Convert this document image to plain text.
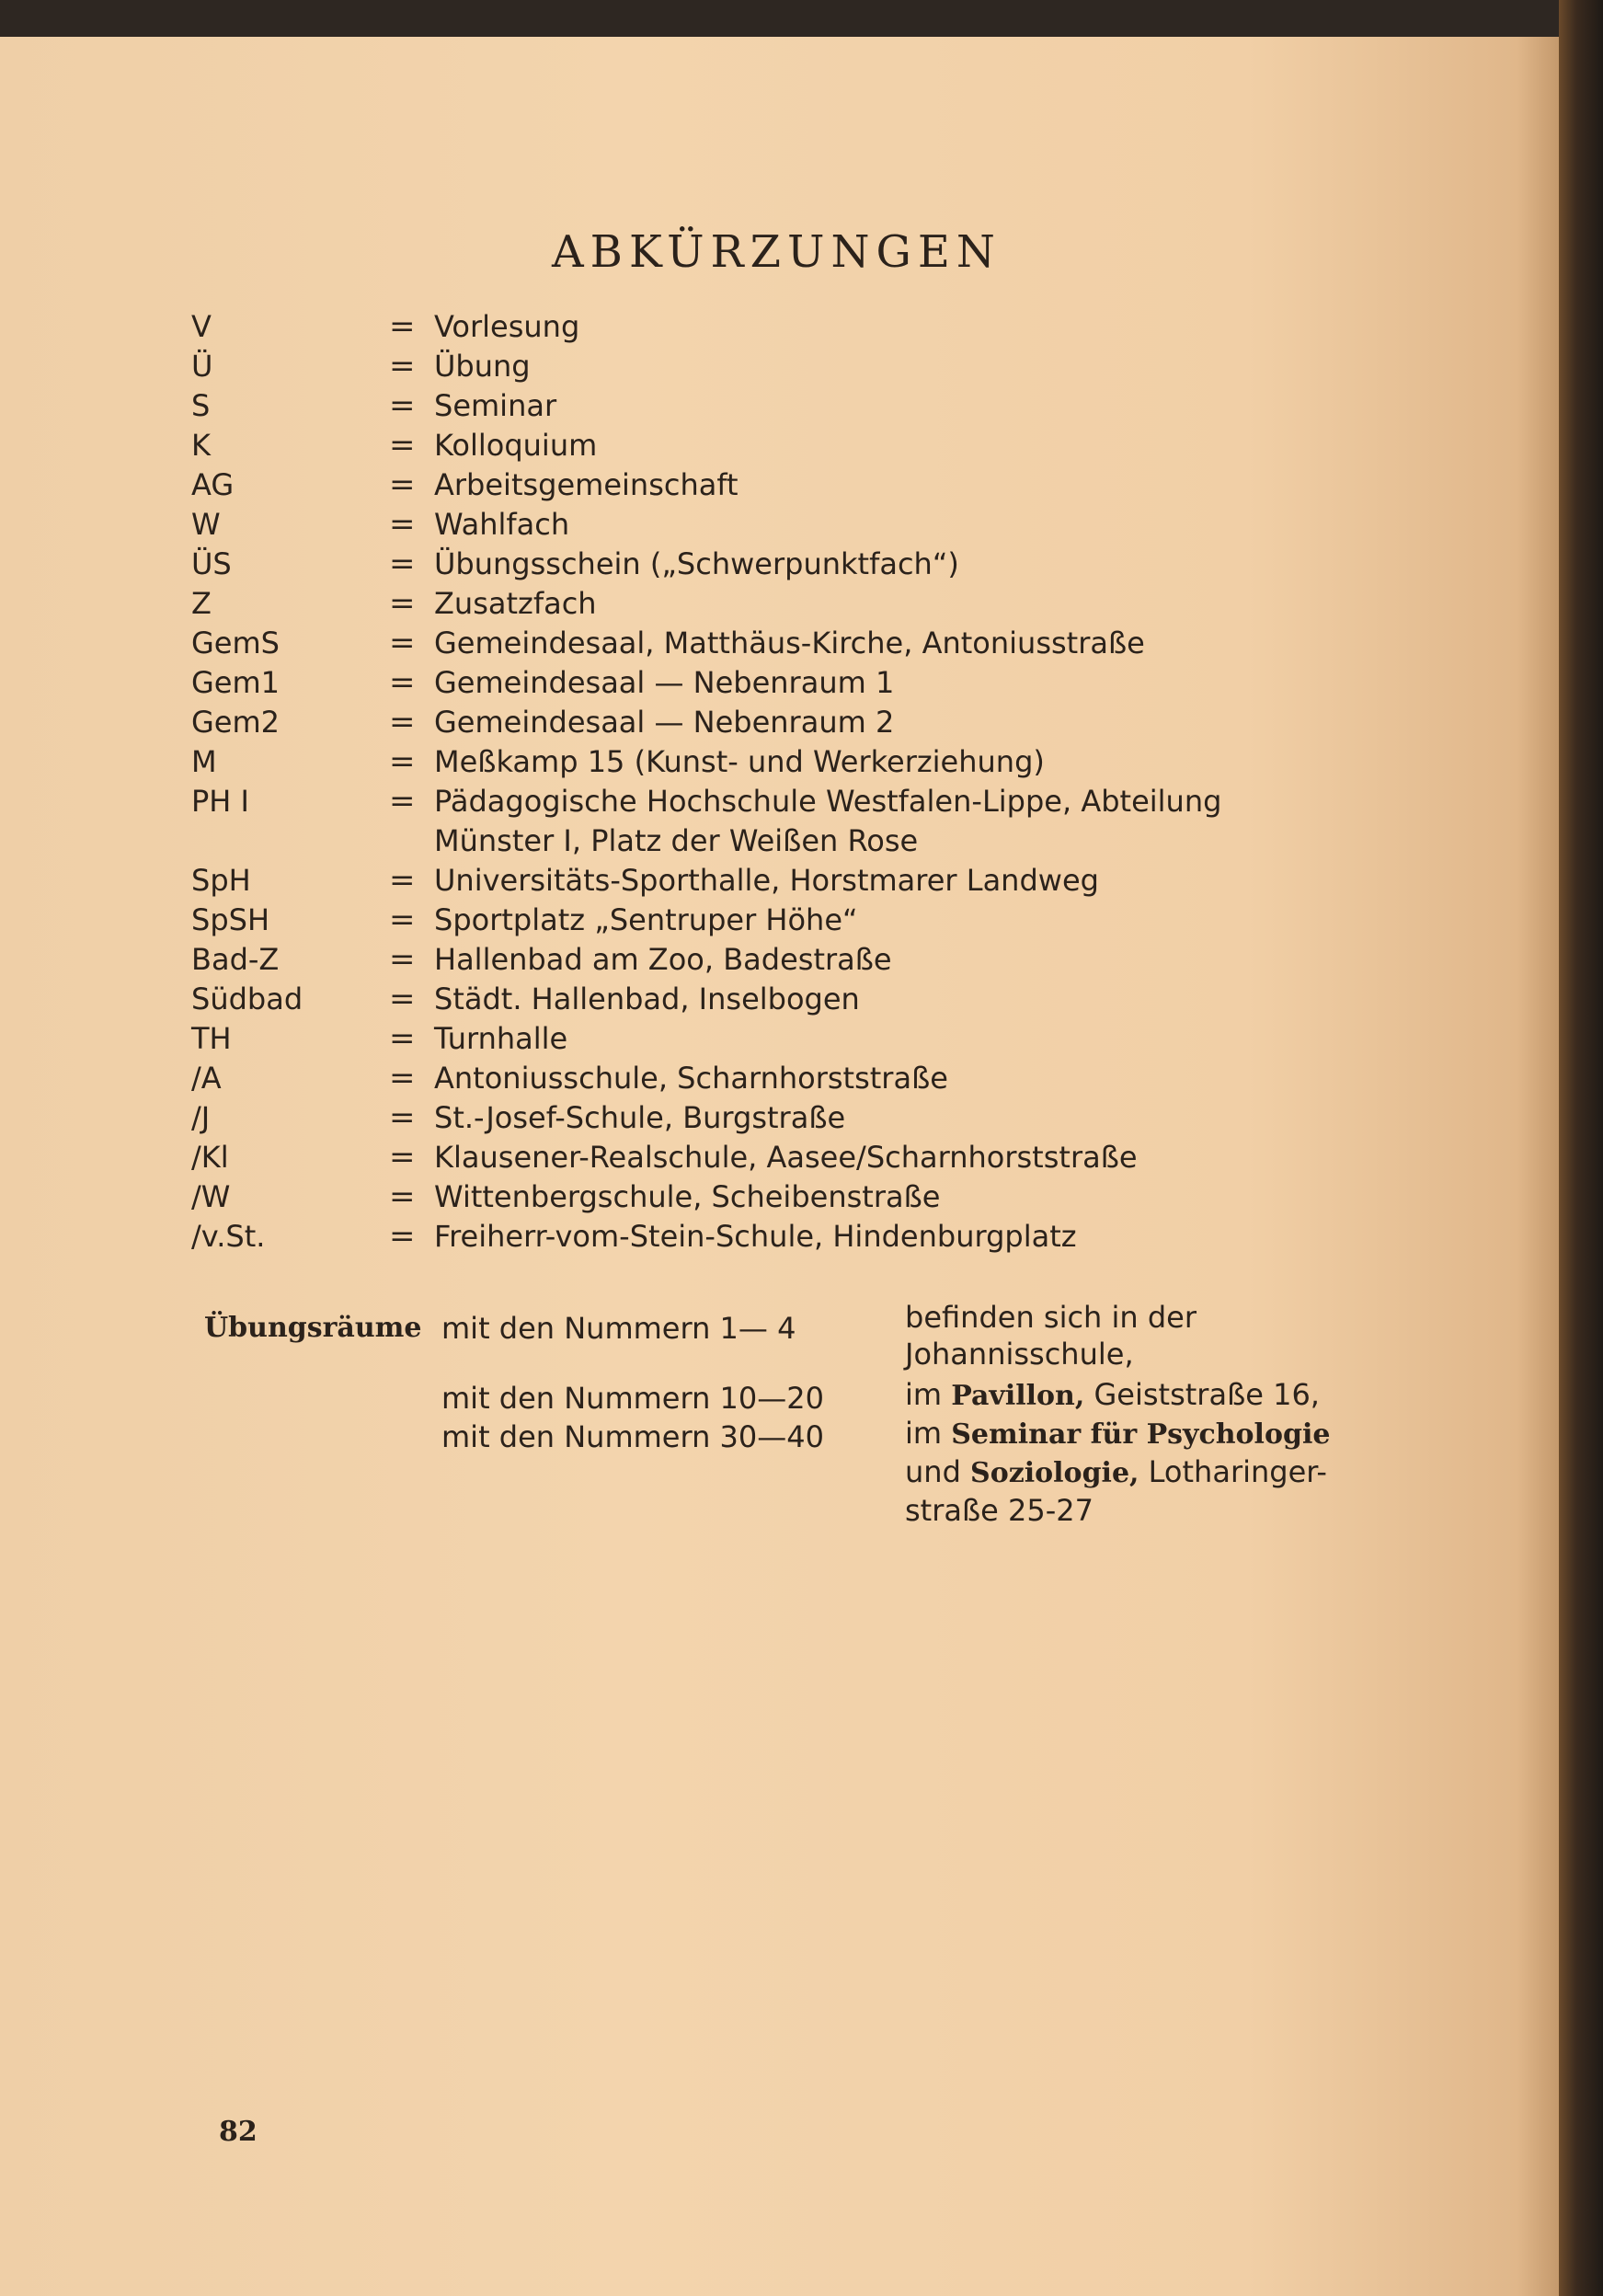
ABKÜRZUNGEN
V	= Vorlesung
Ü	= Übung
S	= Seminar
K	= Kolloquium
AG	= Arbeitsgemeinschaft
W	= Wahlfach
ÜS	= Übungsschein („Schwerpunktfach“)
Z	= Zusatzfach
GemS	= Gemeindesaal, Matthäus-Kirche, Antoniusstraße
Gem1	= Gemeindesaal — Nebenraum 1
Gem2	= Gemeindesaal — Nebenraum 2
M	= Meßkamp 15 (Kunst- und Werkerziehung)
PH I	= Pädagogische Hochschule Westfalen-Lippe, Abteilung
Münster I, Platz der Weißen Rose
SpH	= Universitäts-Sporthalle, Horstmarer Landweg
SpSH	= Sportplatz „Sentruper Höhe“
Bad-Z	= Hallenbad am Zoo, Badestraße
Südbad	= Städt. Hallenbad, Inselbogen
TH	= Turnhalle
/A	= Antoniusschule, Scharnhorststraße
/J	= St.-Josef-Schule, Burgstraße
/Kl	= Klausener-Realschule, Aasee/Scharnhorststraße
/W	= Wittenbergschule, Scheibenstraße
/v.St.	= Freiherr-vom-Stein-Schule, Hindenburgplatz
Übungsräume mit den Nummern 1— 4	befinden sich in der
Johannisschule,
mit den Nummern 10—20	im Pavillon, Geiststraße 16,
mit den Nummern 30—40	im Seminar für Psychologie
und Soziologie, Lotharinger-
straße 25-27
82
